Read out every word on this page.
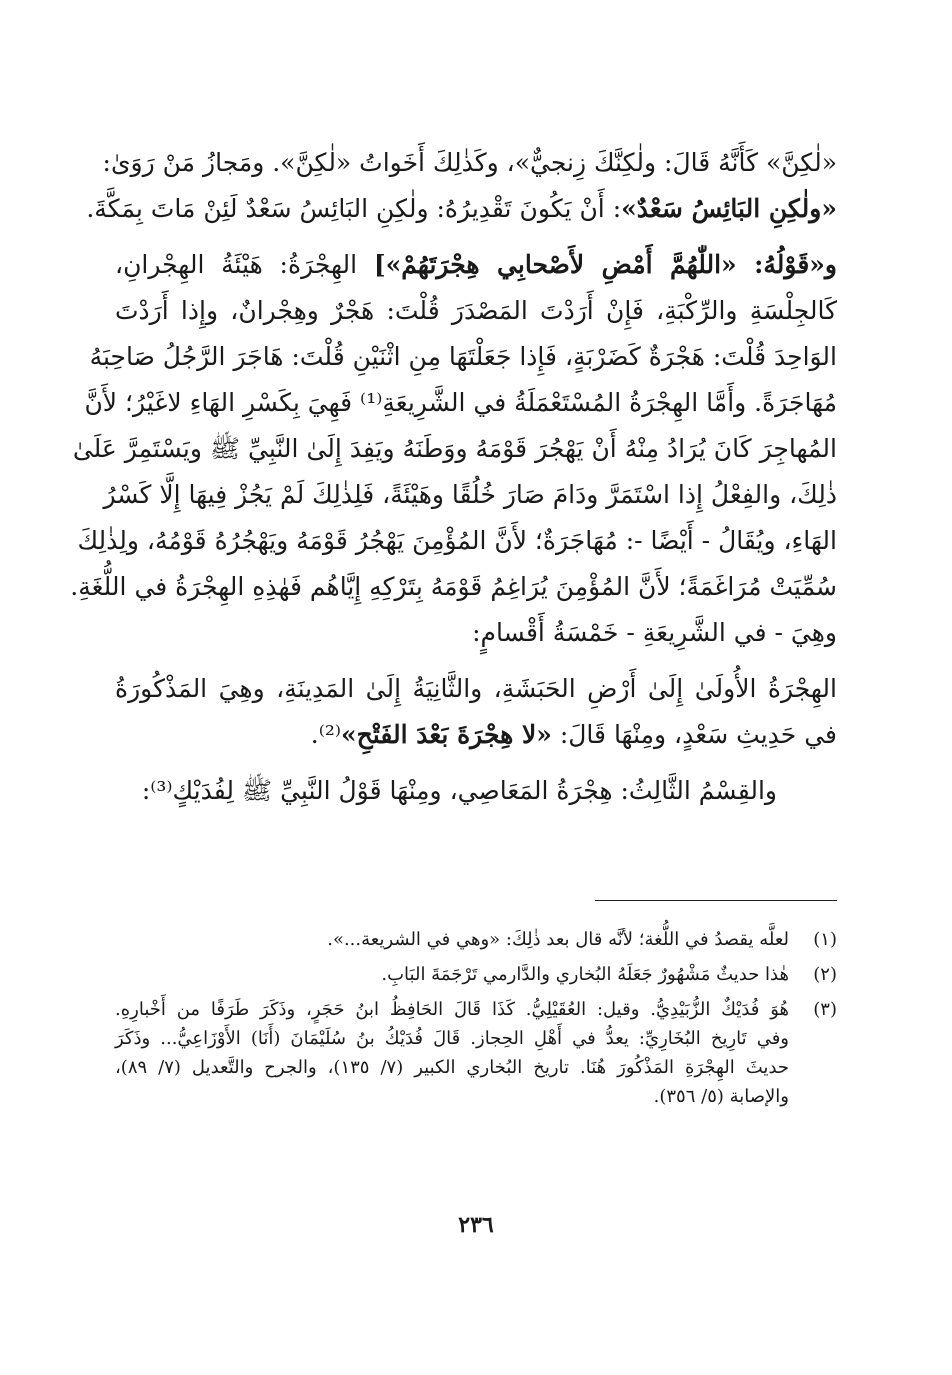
«لٰكِنَّ» كَأَنَّهُ قَالَ: ولٰكِنَّكَ زِنجيٌّ»، وكَذٰلِكَ أَخَواتُ «لٰكِنَّ». ومَجازُ مَنْ رَوَىٰ:
«ولٰكِنِ البَائِسُ سَعْدٌ»: أَنْ يَكُونَ تَقْدِيرُهُ: ولٰكِنِ البَائِسُ سَعْدٌ لَئِنْ مَاتَ بِمَكَّةَ.
و«قَوْلُهُ: «اللّٰهُمَّ أَمْضِ لأَصْحابِي هِجْرَتَهُمْ»] الهِجْرَةُ: هَيْئَةُ الهِجْرانِ،
كَالجِلْسَةِ والرِّكْبَةِ، فَإِنْ أَرَدْتَ المَصْدَرَ قُلْتَ: هَجْرٌ وهِجْرانٌ، وإِذا أَرَدْتَ
الوَاحِدَ قُلْتَ: هَجْرَةٌ كَضَرْبَةٍ، فَإِذا جَعَلْتَهَا مِنِ اثْنَيْنِ قُلْتَ: هَاجَرَ الرَّجُلُ صَاحِبَهُ
مُهَاجَرَةً. وأَمَّا الهِجْرَةُ المُسْتَعْمَلَةُ في الشَّرِيعَةِ⁽¹⁾ فَهِيَ بِكَسْرِ الهَاءِ لاغَيْرُ؛ لأَنَّ
المُهاجِرَ كَانَ يُرَادُ مِنْهُ أَنْ يَهْجُرَ قَوْمَهُ ووَطَنَهُ ويَفِدَ إِلَىٰ النَّبِيِّ ﷺ ويَسْتَمِرَّ عَلَىٰ
ذٰلِكَ، والفِعْلُ إِذا اسْتَمَرَّ ودَامَ صَارَ خُلُقًا وهَيْئَةً، فَلِذٰلِكَ لَمْ يَجُزْ فِيهَا إِلَّا كَسْرُ
الهَاءِ، ويُقَالُ - أَيْضًا -: مُهَاجَرَةٌ؛ لأَنَّ المُؤْمِنَ يَهْجُرُ قَوْمَهُ ويَهْجُرُهُ قَوْمُهُ، ولِذٰلِكَ
سُمِّيَتْ مُرَاغَمَةً؛ لأَنَّ المُؤْمِنَ يُرَاغِمُ قَوْمَهُ بِتَرْكِهِ إِيَّاهُم فَهٰذِهِ الهِجْرَةُ في اللُّغَةِ.
وهِيَ - في الشَّرِيعَةِ - خَمْسَةُ أَقْسامٍ:
الهِجْرَةُ الأُولَىٰ إِلَىٰ أَرْضِ الحَبَشَةِ، والثَّانِيَةُ إِلَىٰ المَدِينَةِ، وهِيَ المَذْكُورَةُ
في حَدِيثِ سَعْدٍ، ومِنْهَا قَالَ: «لا هِجْرَةَ بَعْدَ الفَتْحِ»⁽²⁾.
والقِسْمُ الثَّالِثُ: هِجْرَةُ المَعَاصِي، ومِنْهَا قَوْلُ النَّبِيِّ ﷺ لِفُدَيْكٍ⁽³⁾:
(١)
لعلَّه يقصدُ في اللُّغة؛ لأنَّه قال بعد ذٰلِكَ: «وهي في الشريعة...».
(٢)
هٰذا حديثٌ مَشْهُورٌ جَعَلَهُ البُخاري والدَّارمي تَرْجَمَةَ البَابِ.
(٣)
هُوَ فُدَيْكٌ الزُّبَيْدِيُّ. وقيل: العُقَيْلِيُّ. كَذَا قَالَ الحَافِظُ ابنُ حَجَرٍ، وذَكَرَ طَرَفًا من أَخْبارِهِ.
وفي تَارِيخ البُخَارِيِّ: يعدُّ في أَهْلِ الحِجاز. قَالَ فُدَيْكُ بنُ سُلَيْمَانَ (أَنَا) الأَوْزَاعِيُّ... وذَكَرَ
حديثَ الهِجْرَةِ المَذْكُورَ هُنَا. تاريخ البُخاري الكبير (٧/ ١٣٥)، والجرح والتَّعديل (٧/ ٨٩)،
والإصابة (٥/ ٣٥٦).
٢٣٦
